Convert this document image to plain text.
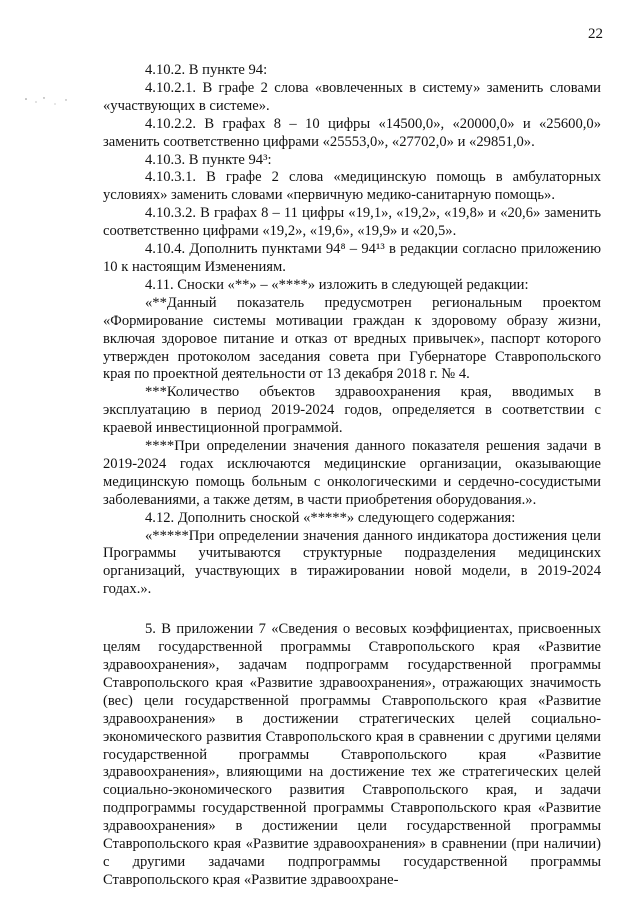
22

4.10.2. В пункте 94:

4.10.2.1. В графе 2 слова «вовлеченных в систему» заменить словами «участвующих в системе».

4.10.2.2. В графах 8 – 10 цифры «14500,0», «20000,0» и «25600,0» заменить соответственно цифрами «25553,0», «27702,0» и «29851,0».

4.10.3. В пункте 94³:

4.10.3.1. В графе 2 слова «медицинскую помощь в амбулаторных условиях» заменить словами «первичную медико-санитарную помощь».

4.10.3.2. В графах 8 – 11 цифры «19,1», «19,2», «19,8» и «20,6» заменить соответственно цифрами «19,2», «19,6», «19,9» и «20,5».

4.10.4. Дополнить пунктами 94⁸ – 94¹³ в редакции согласно приложению 10 к настоящим Изменениям.

4.11. Сноски «**» – «****» изложить в следующей редакции:

«**Данный показатель предусмотрен региональным проектом «Формирование системы мотивации граждан к здоровому образу жизни, включая здоровое питание и отказ от вредных привычек», паспорт которого утвержден протоколом заседания совета при Губернаторе Ставропольского края по проектной деятельности от 13 декабря 2018 г. № 4.

***Количество объектов здравоохранения края, вводимых в эксплуатацию в период 2019-2024 годов, определяется в соответствии с краевой инвестиционной программой.

****При определении значения данного показателя решения задачи в 2019-2024 годах исключаются медицинские организации, оказывающие медицинскую помощь больным с онкологическими и сердечно-сосудистыми заболеваниями, а также детям, в части приобретения оборудования.».

4.12. Дополнить сноской «*****» следующего содержания:

«*****При определении значения данного индикатора достижения цели Программы учитываются структурные подразделения медицинских организаций, участвующих в тиражировании новой модели, в 2019-2024 годах.».

5. В приложении 7 «Сведения о весовых коэффициентах, присвоенных целям государственной программы Ставропольского края «Развитие здравоохранения», задачам подпрограмм государственной программы Ставропольского края «Развитие здравоохранения», отражающих значимость (вес) цели государственной программы Ставропольского края «Развитие здравоохранения» в достижении стратегических целей социально-экономического развития Ставропольского края в сравнении с другими целями государственной программы Ставропольского края «Развитие здравоохранения», влияющими на достижение тех же стратегических целей социально-экономического развития Ставропольского края, и задачи подпрограммы государственной программы Ставропольского края «Развитие здравоохранения» в достижении цели государственной программы Ставропольского края «Развитие здравоохранения» в сравнении (при наличии) с другими задачами подпрограммы государственной программы Ставропольского края «Развитие здравоохране-
